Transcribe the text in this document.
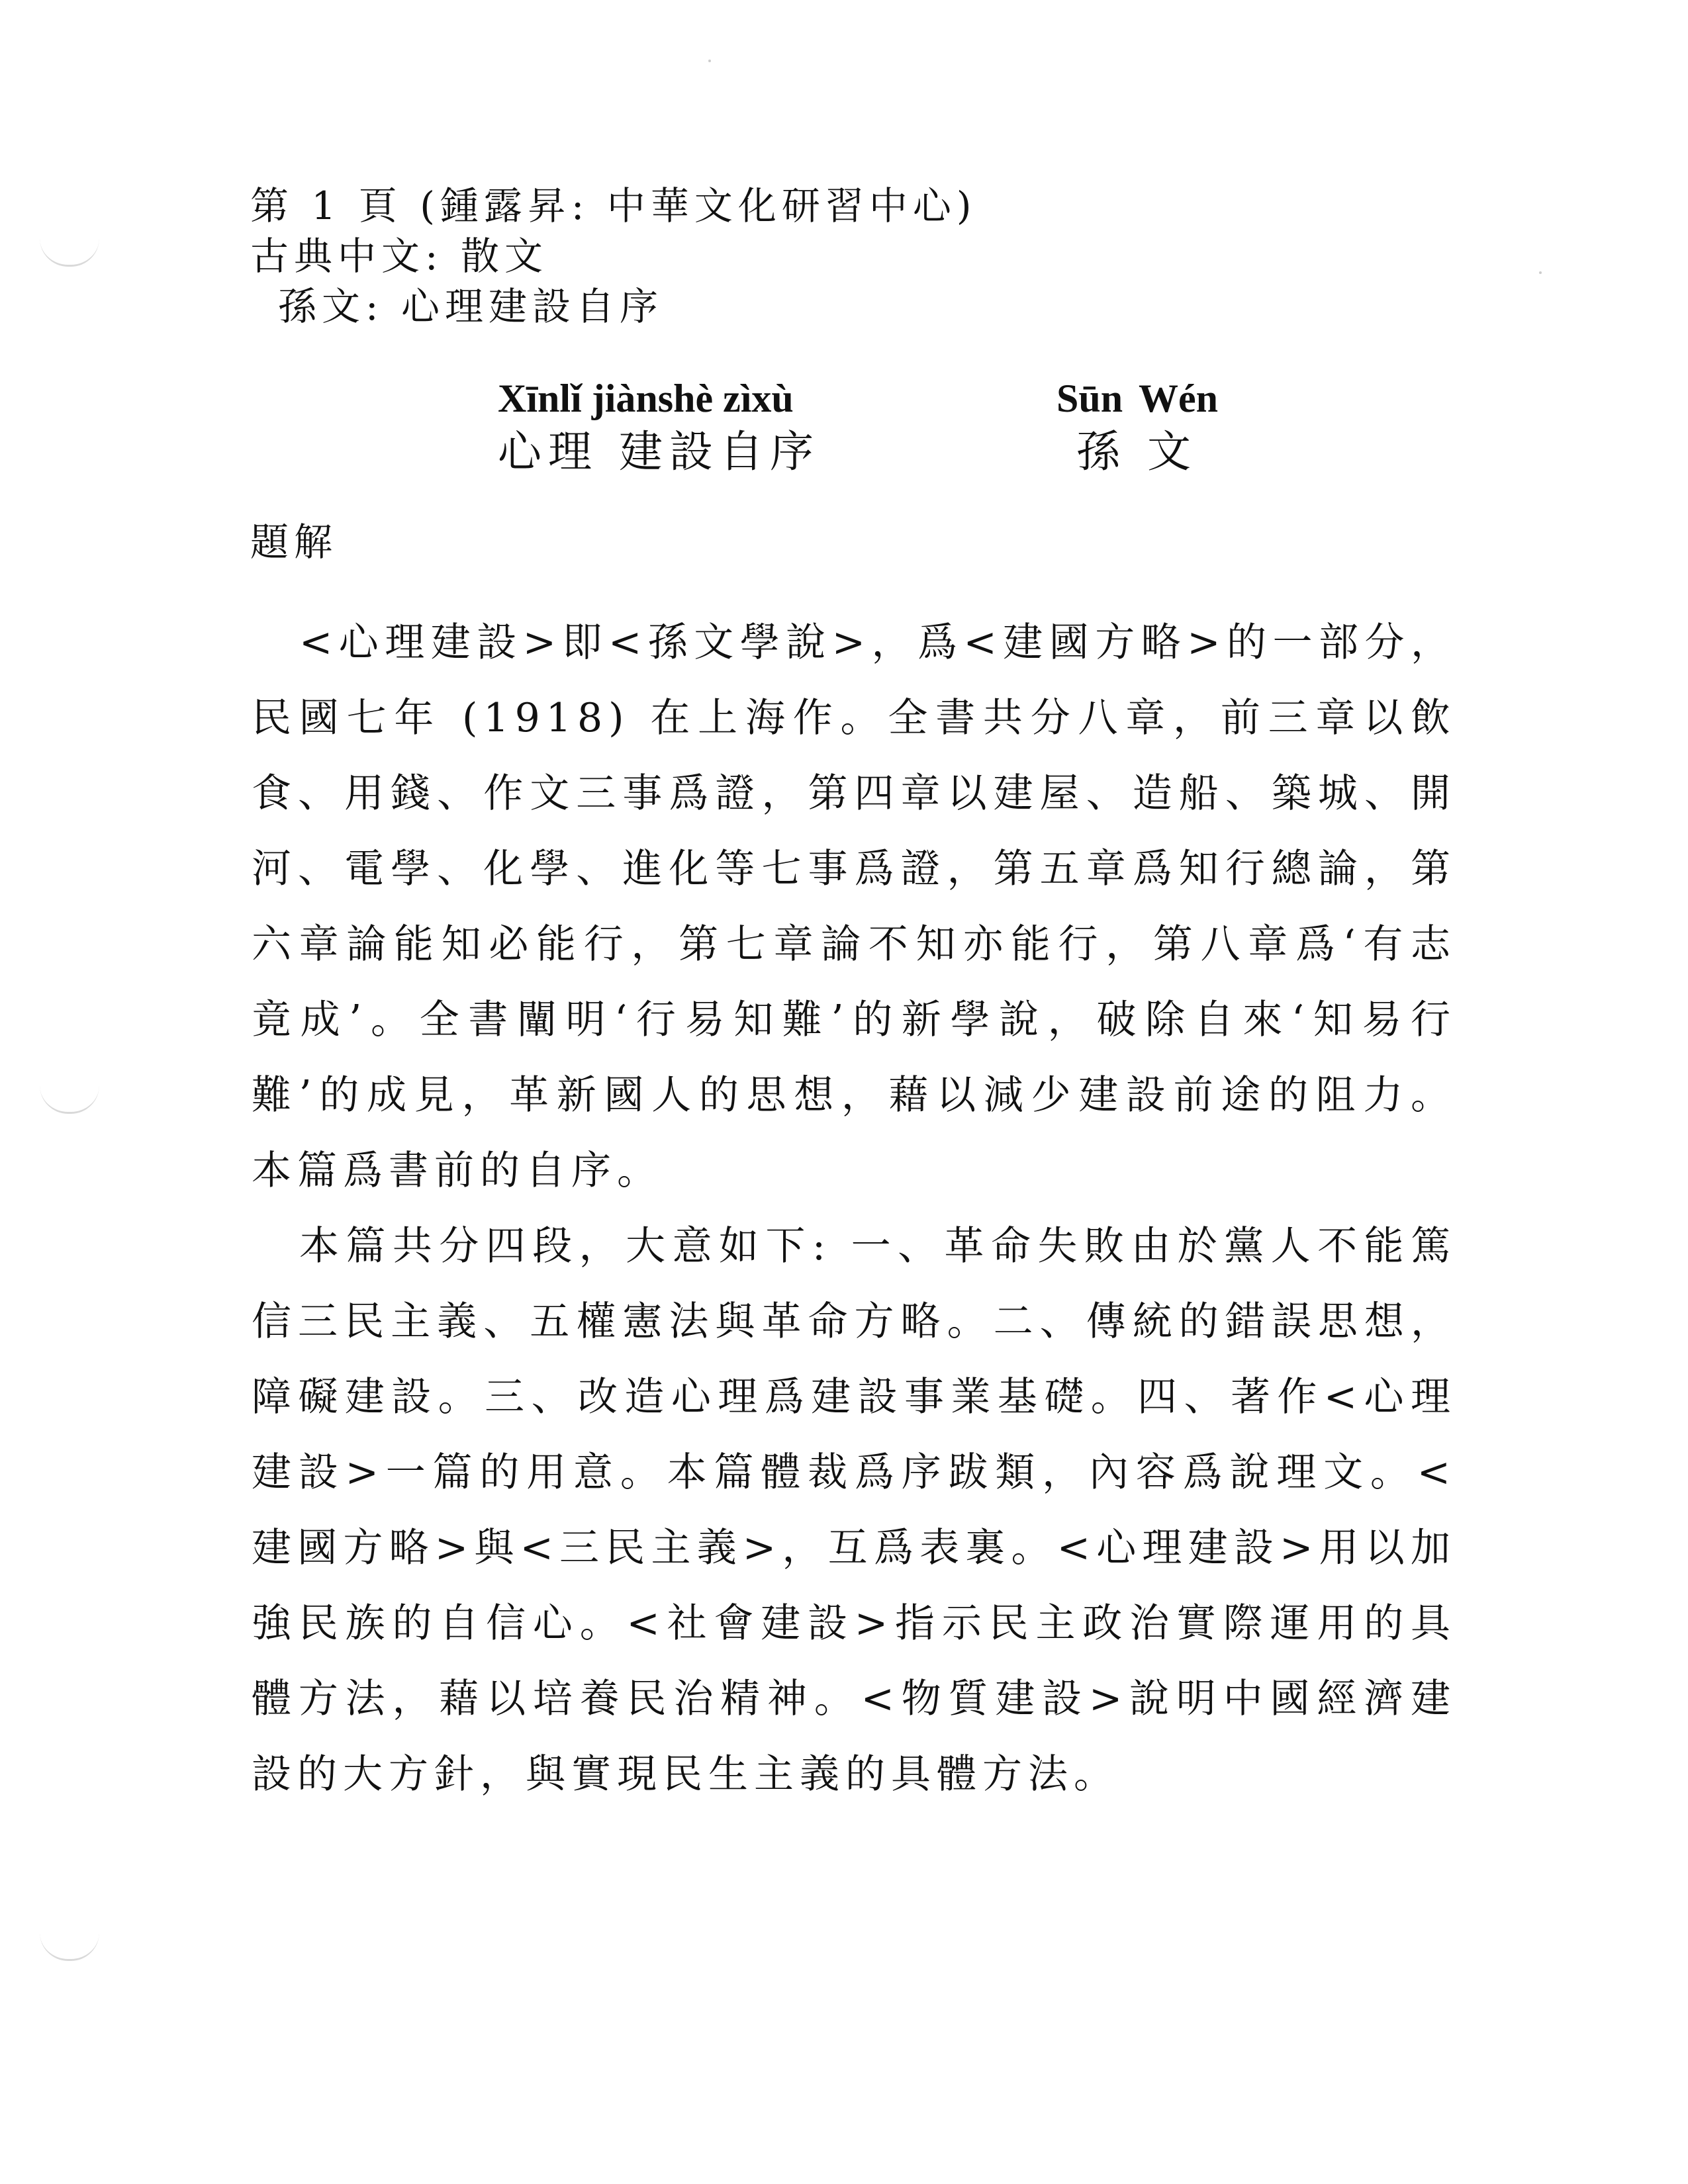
第 1 頁 (鍾露昇: 中華文化研習中心)
古典中文: 散文
孫文: 心理建設自序
Xīnlǐ jiànshè zìxù
心理 建設自序
Sūn Wén
孫 文
題解
<心理建設>即<孫文學說>，爲<建國方略>的一部分，民國七年 (1918) 在上海作。全書共分八章，前三章以飲食、用錢、作文三事爲證，第四章以建屋、造船、築城、開河、電學、化學、進化等七事爲證，第五章爲知行總論，第六章論能知必能行，第七章論不知亦能行，第八章爲‘有志竟成’。全書闡明‘行易知難’的新學說，破除自來‘知易行難’的成見，革新國人的思想，藉以減少建設前途的阻力。本篇爲書前的自序。
本篇共分四段，大意如下: 一、革命失敗由於黨人不能篤信三民主義、五權憲法與革命方略。二、傳統的錯誤思想，障礙建設。三、改造心理爲建設事業基礎。四、著作<心理建設>一篇的用意。本篇體裁爲序跋類，內容爲說理文。<建國方略>與<三民主義>，互爲表裏。<心理建設>用以加強民族的自信心。<社會建設>指示民主政治實際運用的具體方法，藉以培養民治精神。<物質建設>說明中國經濟建設的大方針，與實現民生主義的具體方法。
